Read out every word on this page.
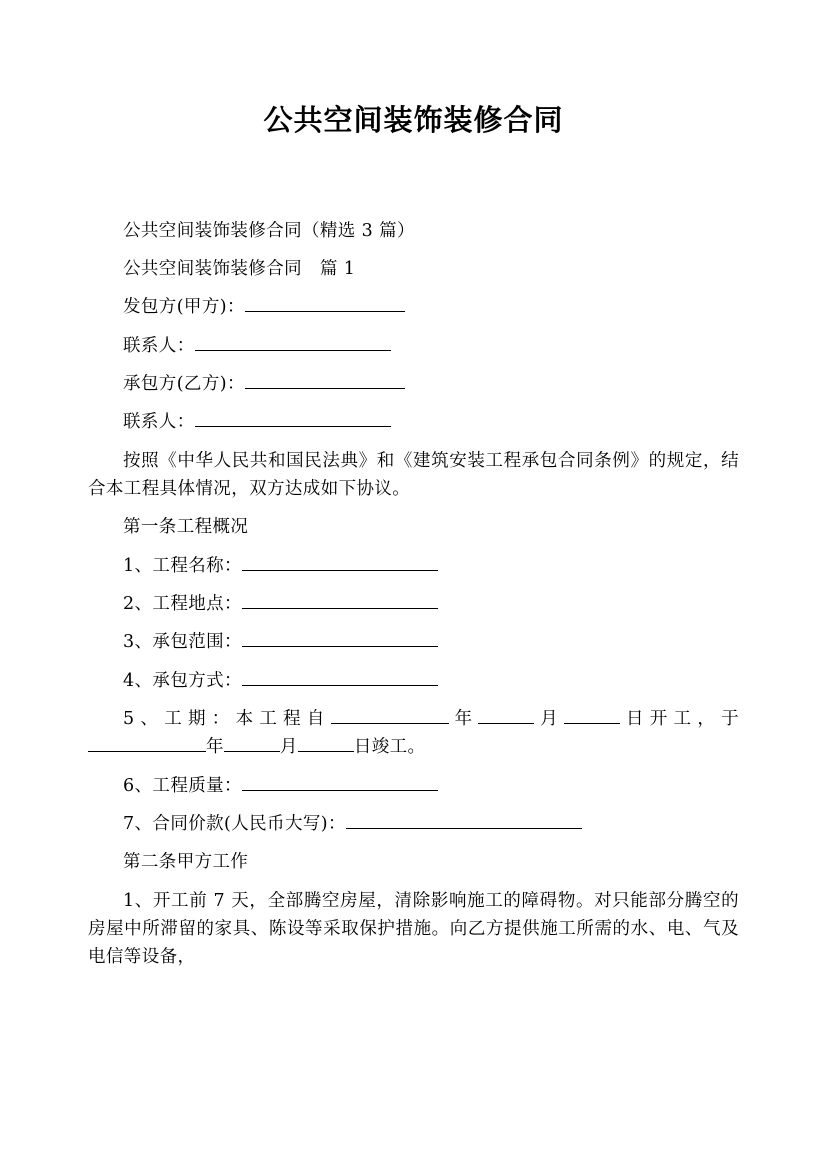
公共空间装饰装修合同

公共空间装饰装修合同（精选 3 篇）

公共空间装饰装修合同　篇 1

发包方(甲方)：

联系人：

承包方(乙方)：

联系人：

按照《中华人民共和国民法典》和《建筑安装工程承包合同条例》的规定，结合本工程具体情况，双方达成如下协议。

第一条工程概况

1、工程名称：

2、工程地点：

3、承包范围：

4、承包方式：

5、工期：本工程自	年	月	日开工，于年	月	日竣工。

6、工程质量：

7、合同价款(人民币大写)：

第二条甲方工作

1、开工前 7 天，全部腾空房屋，清除影响施工的障碍物。对只能部分腾空的房屋中所滞留的家具、陈设等采取保护措施。向乙方提供施工所需的水、电、气及电信等设备，
